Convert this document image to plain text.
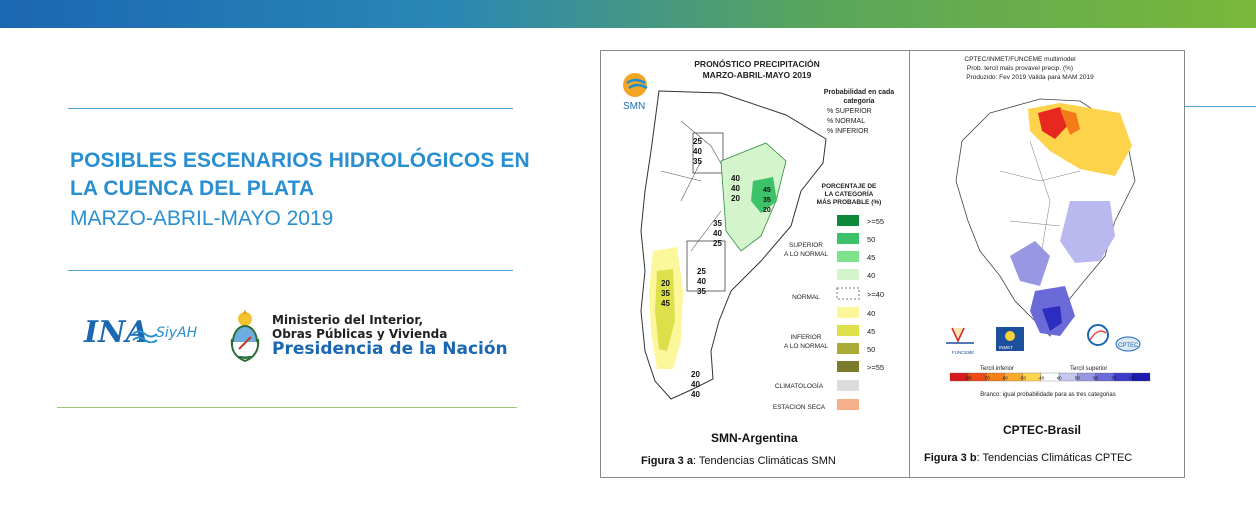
POSIBLES ESCENARIOS HIDROLÓGICOS EN
LA CUENCA DEL PLATA
MARZO-ABRIL-MAYO 2019
INA SiyAH
Ministerio del Interior,
Obras Públicas y Vivienda
Presidencia de la Nación
PRONÓSTICO PRECIPITACIÓN
MARZO-ABRIL-MAYO 2019
SMN
Probabilidad en cada
categoría
% SUPERIOR
% NORMAL
% INFERIOR
25
40
35
40
40
20
45
35
20
35
40
25
25
40
35
20
35
45
20
40
40
PORCENTAJE DE
LA CATEGORÍA
MÁS PROBABLE (%)
SUPERIOR
A LO NORMAL
NORMAL
INFERIOR
A LO NORMAL
CLIMATOLOGÍA
ESTACION SECA
>=55
50
45
40
>=40
40
45
50
>=55
SMN-Argentina
Figura 3 a: Tendencias Climáticas SMN
CPTEC/INMET/FUNCEME multimodel
Prob. tercil mais provavel precip. (%)
Produzido: Fev 2019 Valida para MAM 2019
FUNCEME
INMET	CPTEC
Tercil inferior	Tercil superior
-80	-70	-60	-50	-40	40	50	60	70	80
Branco: igual probabilidade para as tres categorias
CPTEC-Brasil
Figura 3 b: Tendencias Climáticas CPTEC
